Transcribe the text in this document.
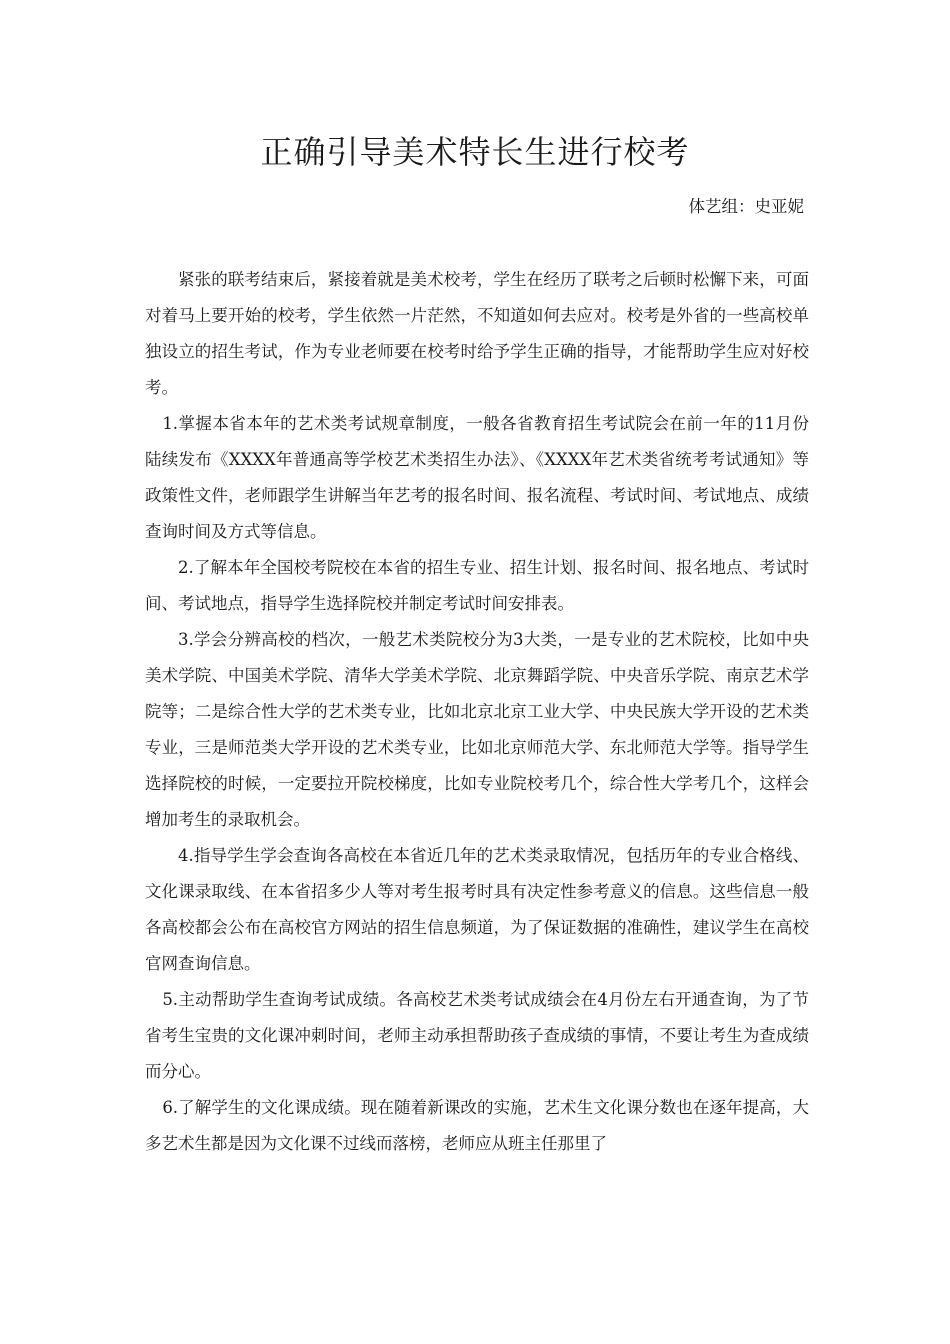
正确引导美术特长生进行校考
体艺组：史亚妮

紧张的联考结束后，紧接着就是美术校考，学生在经历了联考之后顿时松懈下来，可面对着马上要开始的校考，学生依然一片茫然，不知道如何去应对。校考是外省的一些高校单独设立的招生考试，作为专业老师要在校考时给予学生正确的指导，才能帮助学生应对好校考。

1.掌握本省本年的艺术类考试规章制度，一般各省教育招生考试院会在前一年的11月份陆续发布《XXXX年普通高等学校艺术类招生办法》、《XXXX年艺术类省统考考试通知》等政策性文件，老师跟学生讲解当年艺考的报名时间、报名流程、考试时间、考试地点、成绩查询时间及方式等信息。

2.了解本年全国校考院校在本省的招生专业、招生计划、报名时间、报名地点、考试时间、考试地点，指导学生选择院校并制定考试时间安排表。

3.学会分辨高校的档次，一般艺术类院校分为3大类，一是专业的艺术院校，比如中央美术学院、中国美术学院、清华大学美术学院、北京舞蹈学院、中央音乐学院、南京艺术学院等；二是综合性大学的艺术类专业，比如北京北京工业大学、中央民族大学开设的艺术类专业，三是师范类大学开设的艺术类专业，比如北京师范大学、东北师范大学等。指导学生选择院校的时候，一定要拉开院校梯度，比如专业院校考几个，综合性大学考几个，这样会增加考生的录取机会。

4.指导学生学会查询各高校在本省近几年的艺术类录取情况，包括历年的专业合格线、文化课录取线、在本省招多少人等对考生报考时具有决定性参考意义的信息。这些信息一般各高校都会公布在高校官方网站的招生信息频道，为了保证数据的准确性，建议学生在高校官网查询信息。

5.主动帮助学生查询考试成绩。各高校艺术类考试成绩会在4月份左右开通查询，为了节省考生宝贵的文化课冲刺时间，老师主动承担帮助孩子查成绩的事情，不要让考生为查成绩而分心。

6.了解学生的文化课成绩。现在随着新课改的实施，艺术生文化课分数也在逐年提高，大多艺术生都是因为文化课不过线而落榜，老师应从班主任那里了
